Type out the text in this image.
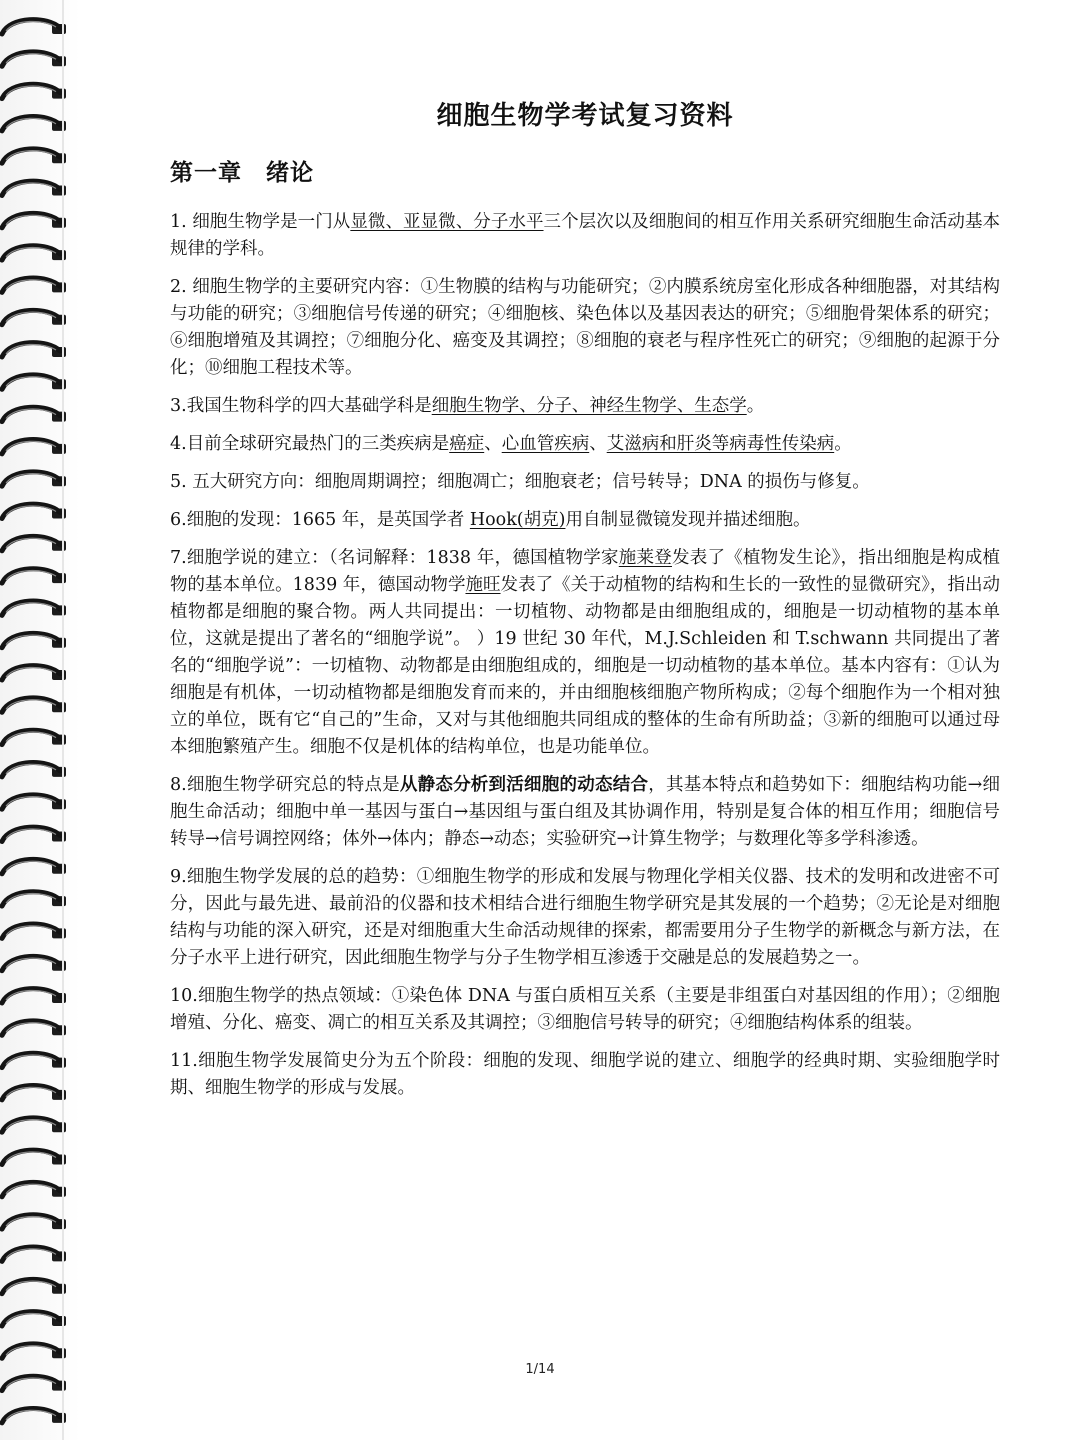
细胞生物学考试复习资料
第一章　绪论
1. 细胞生物学是一门从显微、亚显微、分子水平三个层次以及细胞间的相互作用关系研究细胞生命活动基本规律的学科。
2. 细胞生物学的主要研究内容：①生物膜的结构与功能研究；②内膜系统房室化形成各种细胞器，对其结构与功能的研究；③细胞信号传递的研究；④细胞核、染色体以及基因表达的研究；⑤细胞骨架体系的研究；⑥细胞增殖及其调控；⑦细胞分化、癌变及其调控；⑧细胞的衰老与程序性死亡的研究；⑨细胞的起源于分化；⑩细胞工程技术等。
3.我国生物科学的四大基础学科是细胞生物学、分子、神经生物学、生态学。
4.目前全球研究最热门的三类疾病是癌症、心血管疾病、艾滋病和肝炎等病毒性传染病。
5. 五大研究方向：细胞周期调控；细胞凋亡；细胞衰老；信号转导；DNA 的损伤与修复。
6.细胞的发现：1665 年，是英国学者 Hook(胡克)用自制显微镜发现并描述细胞。
7.细胞学说的建立：（名词解释：1838 年，德国植物学家施莱登发表了《植物发生论》，指出细胞是构成植物的基本单位。1839 年，德国动物学施旺发表了《关于动植物的结构和生长的一致性的显微研究》，指出动植物都是细胞的聚合物。两人共同提出：一切植物、动物都是由细胞组成的，细胞是一切动植物的基本单位，这就是提出了著名的“细胞学说”。 ）19 世纪 30 年代，M.J.Schleiden 和 T.schwann 共同提出了著名的“细胞学说”：一切植物、动物都是由细胞组成的，细胞是一切动植物的基本单位。基本内容有：①认为细胞是有机体，一切动植物都是细胞发育而来的，并由细胞核细胞产物所构成；②每个细胞作为一个相对独立的单位，既有它“自己的”生命，又对与其他细胞共同组成的整体的生命有所助益；③新的细胞可以通过母本细胞繁殖产生。细胞不仅是机体的结构单位，也是功能单位。
8.细胞生物学研究总的特点是从静态分析到活细胞的动态结合，其基本特点和趋势如下：细胞结构功能→细胞生命活动；细胞中单一基因与蛋白→基因组与蛋白组及其协调作用，特别是复合体的相互作用；细胞信号转导→信号调控网络；体外→体内；静态→动态；实验研究→计算生物学；与数理化等多学科渗透。
9.细胞生物学发展的总的趋势：①细胞生物学的形成和发展与物理化学相关仪器、技术的发明和改进密不可分，因此与最先进、最前沿的仪器和技术相结合进行细胞生物学研究是其发展的一个趋势；②无论是对细胞结构与功能的深入研究，还是对细胞重大生命活动规律的探索，都需要用分子生物学的新概念与新方法，在分子水平上进行研究，因此细胞生物学与分子生物学相互渗透于交融是总的发展趋势之一。
10.细胞生物学的热点领域：①染色体 DNA 与蛋白质相互关系（主要是非组蛋白对基因组的作用）；②细胞 增殖、分化、癌变、凋亡的相互关系及其调控；③细胞信号转导的研究；④细胞结构体系的组装。
11.细胞生物学发展简史分为五个阶段：细胞的发现、细胞学说的建立、细胞学的经典时期、实验细胞学时期、细胞生物学的形成与发展。
1/14
